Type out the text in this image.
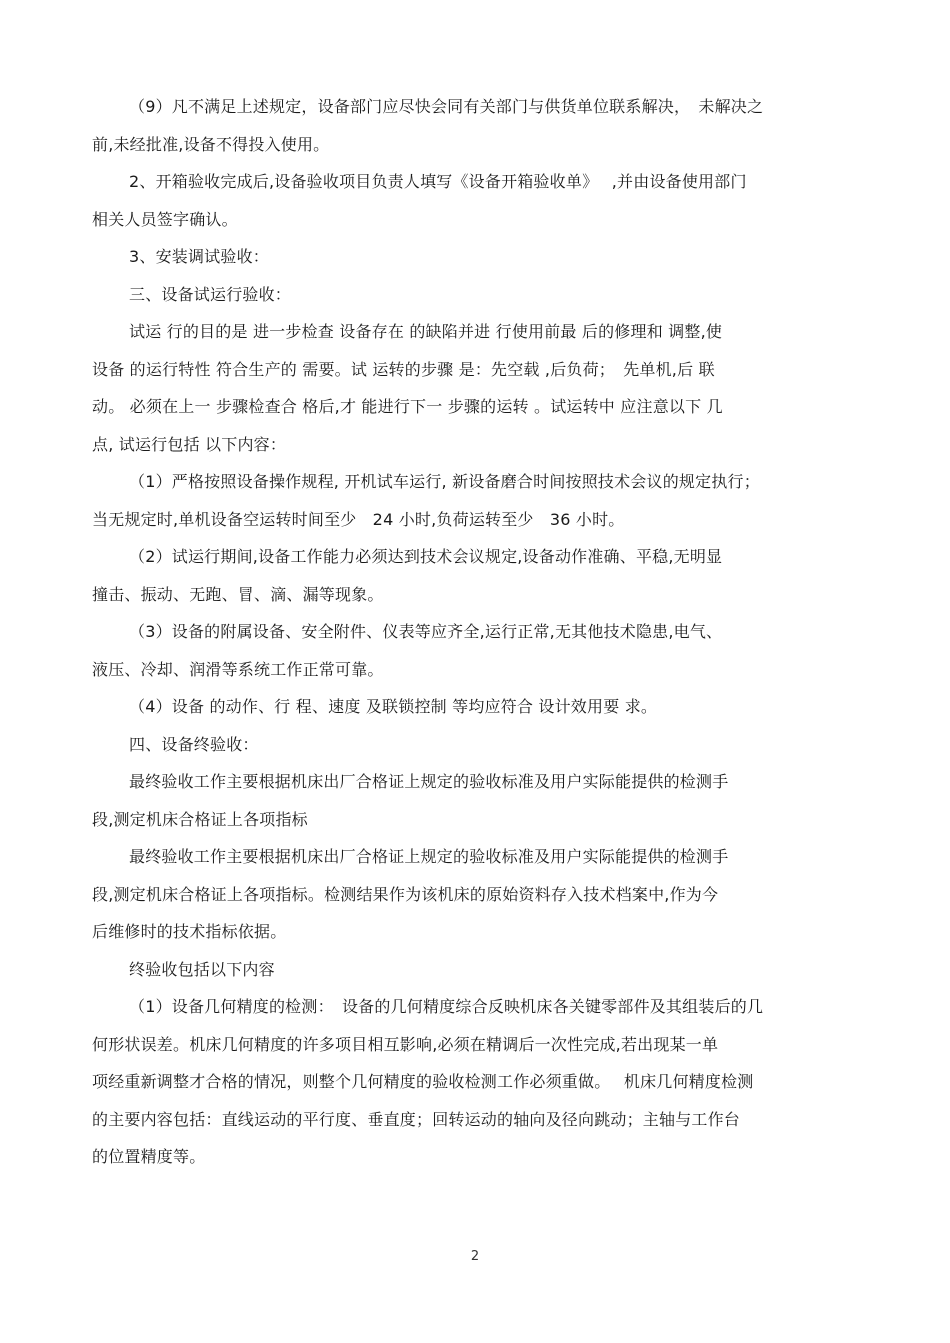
（9）凡不满足上述规定，设备部门应尽快会同有关部门与供货单位联系解决，　未解决之
前,未经批准,设备不得投入使用。

2、开箱验收完成后,设备验收项目负责人填写《设备开箱验收单》　 ,并由设备使用部门
相关人员签字确认。

3、安装调试验收：

三、设备试运行验收：

试运 行的目的是 进一步检查 设备存在 的缺陷并进 行使用前最 后的修理和 调整,使
设备 的运行特性 符合生产的 需要。试 运转的步骤 是：先空载 ,后负荷；　先单机,后 联
动。 必须在上一 步骤检查合 格后,才 能进行下一 步骤的运转 。试运转中 应注意以下 几
点, 试运行包括 以下内容：

（1）严格按照设备操作规程, 开机试车运行, 新设备磨合时间按照技术会议的规定执行；
当无规定时,单机设备空运转时间至少　24 小时,负荷运转至少　36 小时。

（2）试运行期间,设备工作能力必须达到技术会议规定,设备动作准确、平稳,无明显
撞击、振动、无跑、冒、滴、漏等现象。

（3）设备的附属设备、安全附件、仪表等应齐全,运行正常,无其他技术隐患,电气、
液压、冷却、润滑等系统工作正常可靠。

（4）设备 的动作、行 程、速度 及联锁控制 等均应符合 设计效用要 求。

四、设备终验收：

最终验收工作主要根据机床出厂合格证上规定的验收标准及用户实际能提供的检测手
段,测定机床合格证上各项指标

最终验收工作主要根据机床出厂合格证上规定的验收标准及用户实际能提供的检测手
段,测定机床合格证上各项指标。检测结果作为该机床的原始资料存入技术档案中,作为今
后维修时的技术指标依据。

终验收包括以下内容

（1）设备几何精度的检测：　设备的几何精度综合反映机床各关键零部件及其组装后的几
何形状误差。机床几何精度的许多项目相互影响,必须在精调后一次性完成,若出现某一单
项经重新调整才合格的情况，则整个几何精度的验收检测工作必须重做。　 机床几何精度检测
的主要内容包括：直线运动的平行度、垂直度；回转运动的轴向及径向跳动；主轴与工作台
的位置精度等。

2
